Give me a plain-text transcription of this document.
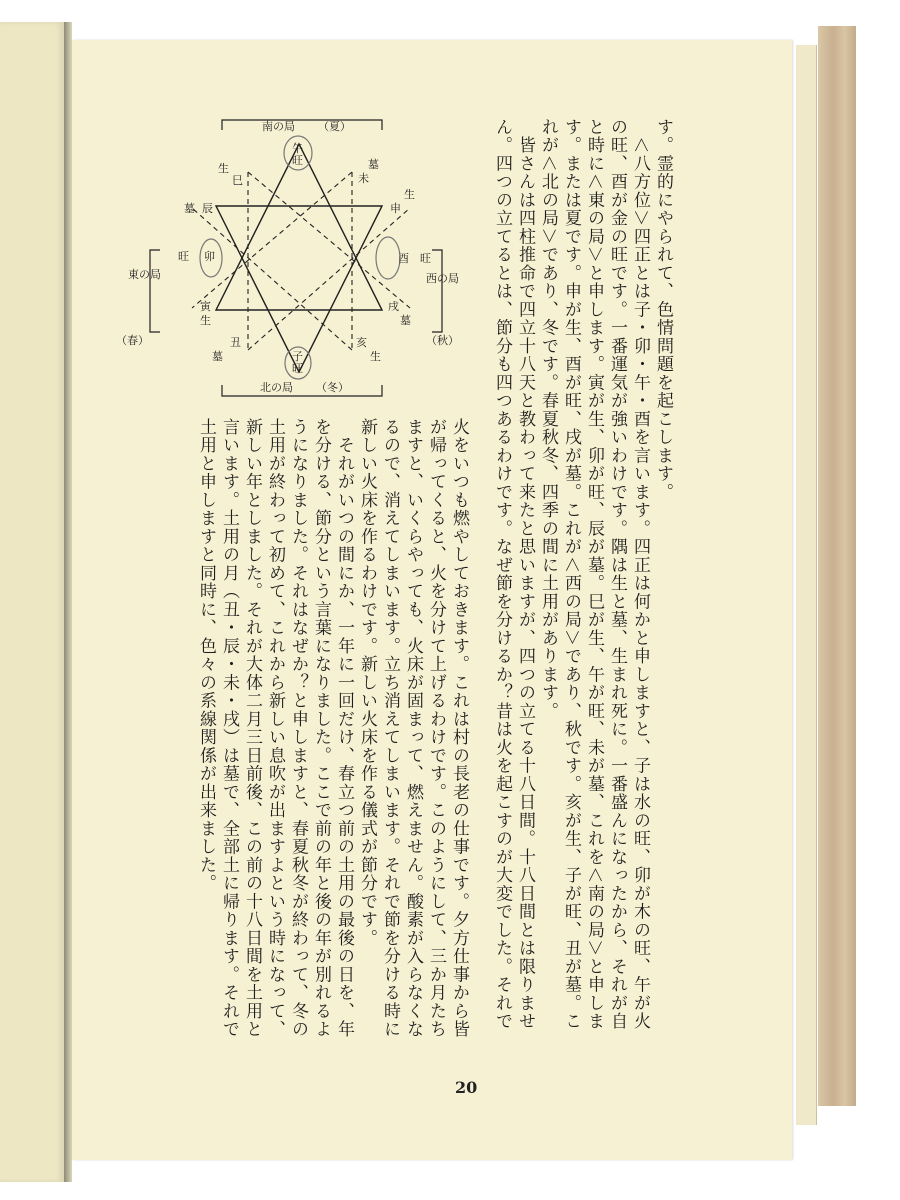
す。霊的にやられて、色情問題を起こします。
　＜八方位＞四正とは子・卯・午・酉を言います。四正は何かと申しますと、子は水の旺、卯が木の旺、午が火
の旺、酉が金の旺です。一番運気が強いわけです。隅は生と墓、生まれ死に。一番盛んになったから、それが自
と時に＜東の局＞と申します。寅が生、卯が旺、辰が墓。巳が生、午が旺、未が墓、これを＜南の局＞と申しま
す。または夏です。申が生、酉が旺、戌が墓。これが＜西の局＞であり、秋です。亥が生、子が旺、丑が墓。こ
れが＜北の局＞であり、冬です。春夏秋冬、四季の間に土用があります。
　皆さんは四柱推命で四立十八天と教わって来たと思いますが、四つの立てる十八日間。十八日間とは限りませ
ん。四つの立てるとは、節分も四つあるわけです。なぜ節を分けるか？昔は火を起こすのが大変でした。それで
火をいつも燃やしておきます。これは村の長老の仕事です。夕方仕事から皆
が帰ってくると、火を分けて上げるわけです。このようにして、三か月たち
ますと、いくらやっても、火床が固まって、燃えません。酸素が入らなくな
るので、消えてしまいます。立ち消えてしまいます。それで節を分ける時に
新しい火床を作るわけです。新しい火床を作る儀式が節分です。
　それがいつの間にか、一年に一回だけ、春立つ前の土用の最後の日を、年
を分ける、節分という言葉になりました。ここで前の年と後の年が別れるよ
うになりました。それはなぜか？と申しますと、春夏秋冬が終わって、冬の
土用が終わって初めて、これから新しい息吹が出ますよという時になって、
新しい年としました。それが大体二月三日前後、この前の十八日間を土用と
言います。土用の月（丑・辰・未・戌）は墓で、全部土に帰ります。それで
土用と申しますと同時に、色々の系線関係が出来ました。
南の局 （夏）
北の局 （冬）
東の局
（春）
西の局
（秋）
午
旺
未
墓
申
生
酉 旺
戌
墓
亥
生
子
旺
丑
墓
寅
生
卯
旺
辰
墓
巳
生
20
